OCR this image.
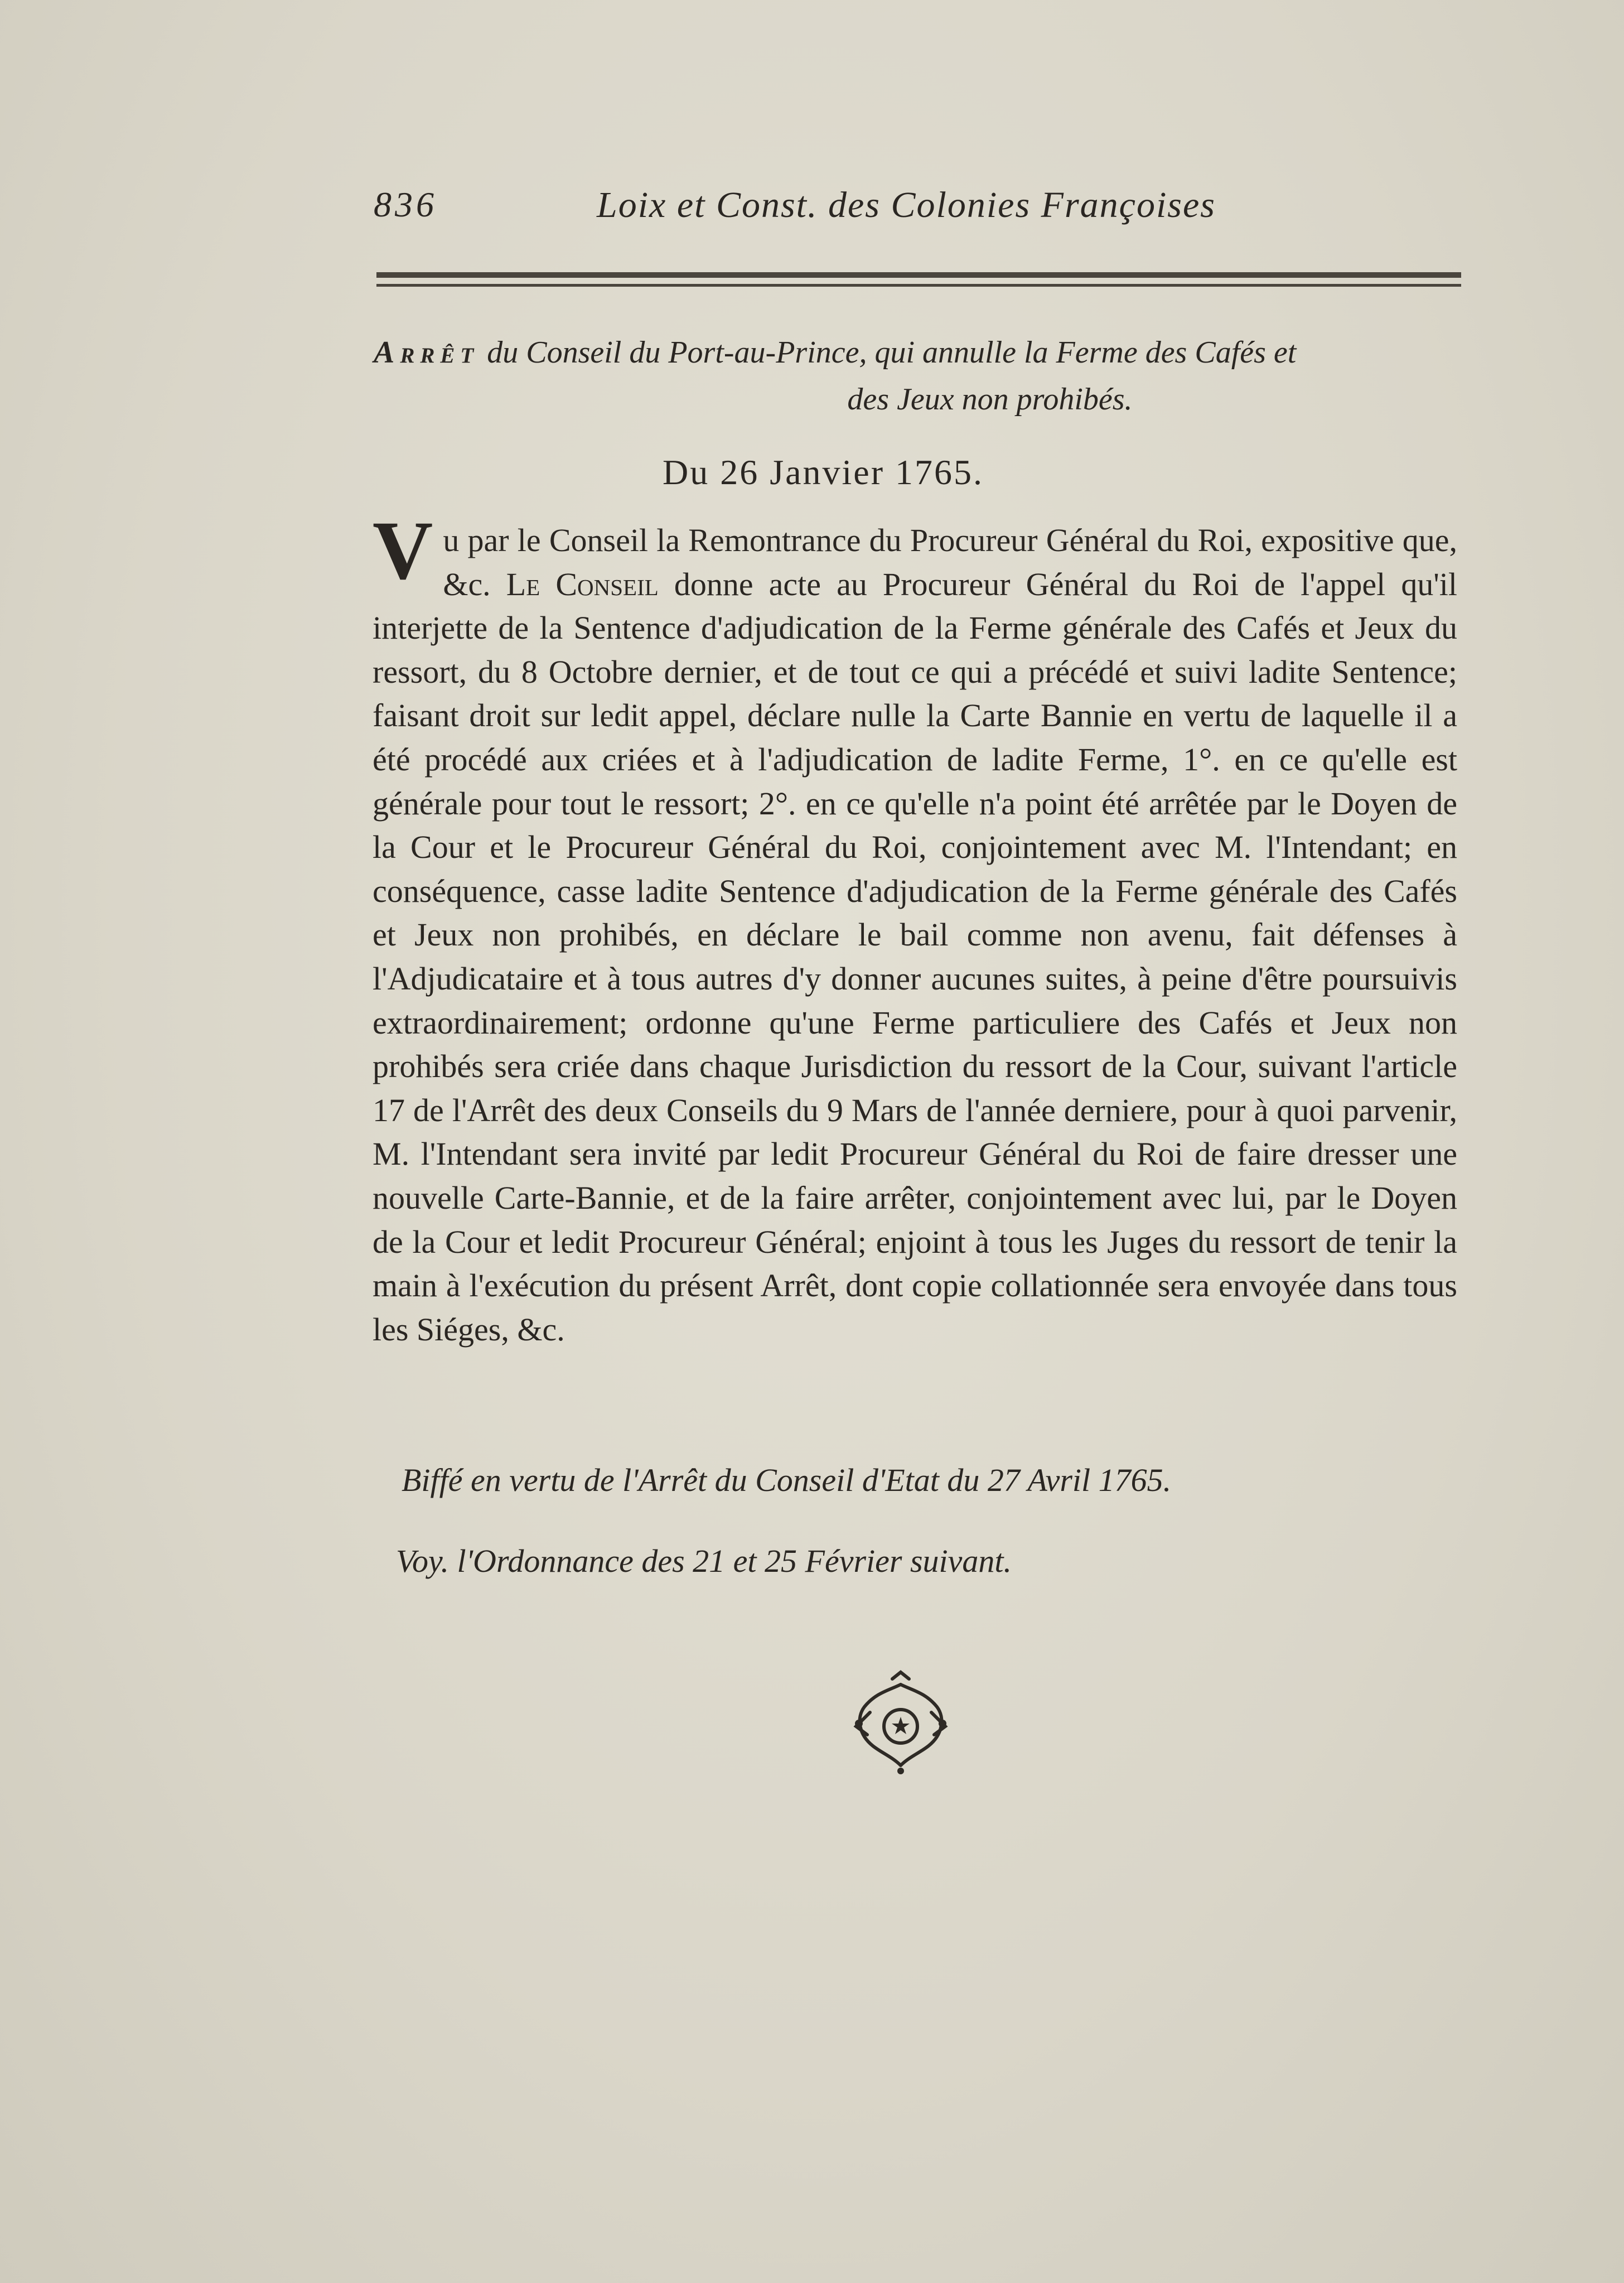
836	Loix et Const. des Colonies Françoises
Arrêt du Conseil du Port-au-Prince, qui annulle la Ferme des Cafés et
des Jeux non prohibés.
Du 26 Janvier 1765.
Vu par le Conseil la Remontrance du Procureur Général du Roi, expositive que, &c. Le Conseil donne acte au Procureur Général du Roi de l'appel qu'il interjette de la Sentence d'adjudication de la Ferme générale des Cafés et Jeux du ressort, du 8 Octobre dernier, et de tout ce qui a précédé et suivi ladite Sentence; faisant droit sur ledit appel, déclare nulle la Carte Bannie en vertu de laquelle il a été procédé aux criées et à l'adjudication de ladite Ferme, 1°. en ce qu'elle est générale pour tout le ressort; 2°. en ce qu'elle n'a point été arrêtée par le Doyen de la Cour et le Procureur Général du Roi, conjointement avec M. l'Intendant; en conséquence, casse ladite Sentence d'adjudication de la Ferme générale des Cafés et Jeux non prohibés, en déclare le bail comme non avenu, fait défenses à l'Adjudicataire et à tous autres d'y donner aucunes suites, à peine d'être poursuivis extraordinairement; ordonne qu'une Ferme particuliere des Cafés et Jeux non prohibés sera criée dans chaque Jurisdiction du ressort de la Cour, suivant l'article 17 de l'Arrêt des deux Conseils du 9 Mars de l'année derniere, pour à quoi parvenir, M. l'Intendant sera invité par ledit Procureur Général du Roi de faire dresser une nouvelle Carte-Bannie, et de la faire arrêter, conjointement avec lui, par le Doyen de la Cour et ledit Procureur Général; enjoint à tous les Juges du ressort de tenir la main à l'exécution du présent Arrêt, dont copie collationnée sera envoyée dans tous les Siéges, &c.
Biffé en vertu de l'Arrêt du Conseil d'Etat du 27 Avril 1765.
Voy. l'Ordonnance des 21 et 25 Février suivant.
